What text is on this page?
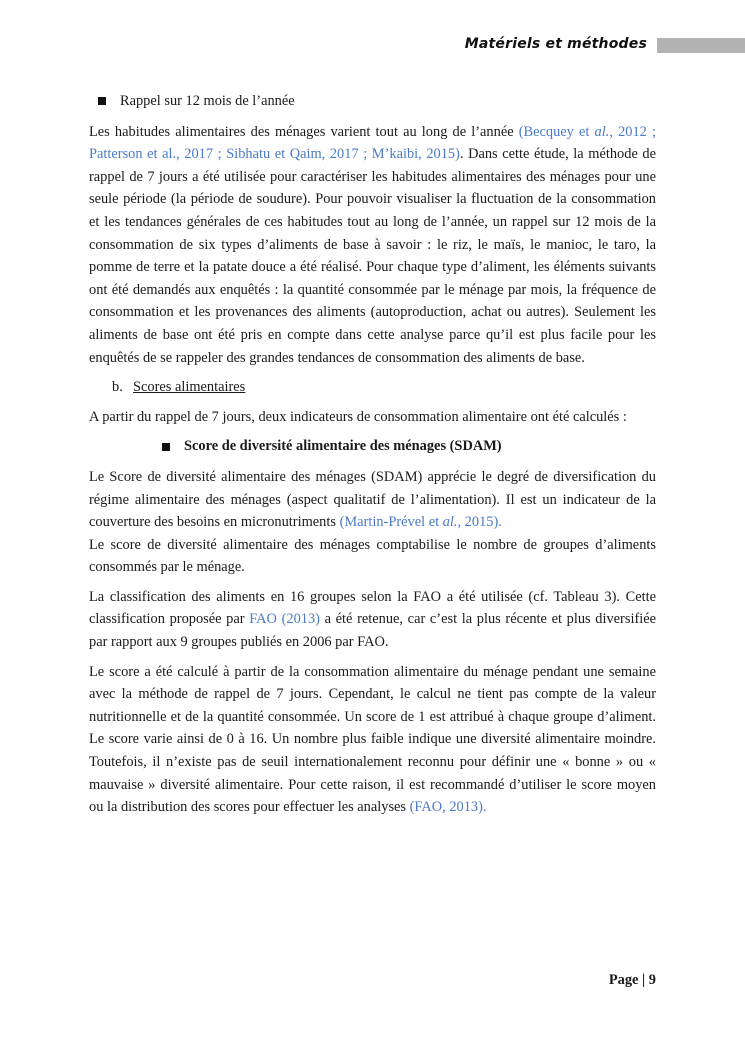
Matériels et méthodes
Rappel sur 12 mois de l’année

Les habitudes alimentaires des ménages varient tout au long de l’année (Becquey et al., 2012 ; Patterson et al., 2017 ; Sibhatu et Qaim, 2017 ; M’kaibi, 2015). Dans cette étude, la méthode de rappel de 7 jours a été utilisée pour caractériser les habitudes alimentaires des ménages pour une seule période (la période de soudure). Pour pouvoir visualiser la fluctuation de la consommation et les tendances générales de ces habitudes tout au long de l’année, un rappel sur 12 mois de la consommation de six types d’aliments de base à savoir : le riz, le maïs, le manioc, le taro, la pomme de terre et la patate douce a été réalisé. Pour chaque type d’aliment, les éléments suivants ont été demandés aux enquêtés : la quantité consommée par le ménage par mois, la fréquence de consommation et les provenances des aliments (autoproduction, achat ou autres). Seulement les aliments de base ont été pris en compte dans cette analyse parce qu’il est plus facile pour les enquêtés de se rappeler des grandes tendances de consommation des aliments de base.

b. Scores alimentaires

A partir du rappel de 7 jours, deux indicateurs de consommation alimentaire ont été calculés :

Score de diversité alimentaire des ménages (SDAM)

Le Score de diversité alimentaire des ménages (SDAM) apprécie le degré de diversification du régime alimentaire des ménages (aspect qualitatif de l’alimentation). Il est un indicateur de la couverture des besoins en micronutriments (Martin-Prével et al., 2015).

Le score de diversité alimentaire des ménages comptabilise le nombre de groupes d’aliments consommés par le ménage.

La classification des aliments en 16 groupes selon la FAO a été utilisée (cf. Tableau 3). Cette classification proposée par FAO (2013) a été retenue, car c’est la plus récente et plus diversifiée par rapport aux 9 groupes publiés en 2006 par FAO.

Le score a été calculé à partir de la consommation alimentaire du ménage pendant une semaine avec la méthode de rappel de 7 jours. Cependant, le calcul ne tient pas compte de la valeur nutritionnelle et de la quantité consommée. Un score de 1 est attribué à chaque groupe d’aliment. Le score varie ainsi de 0 à 16. Un nombre plus faible indique une diversité alimentaire moindre. Toutefois, il n’existe pas de seuil internationalement reconnu pour définir une « bonne » ou « mauvaise » diversité alimentaire. Pour cette raison, il est recommandé d’utiliser le score moyen ou la distribution des scores pour effectuer les analyses (FAO, 2013).

Page | 9
